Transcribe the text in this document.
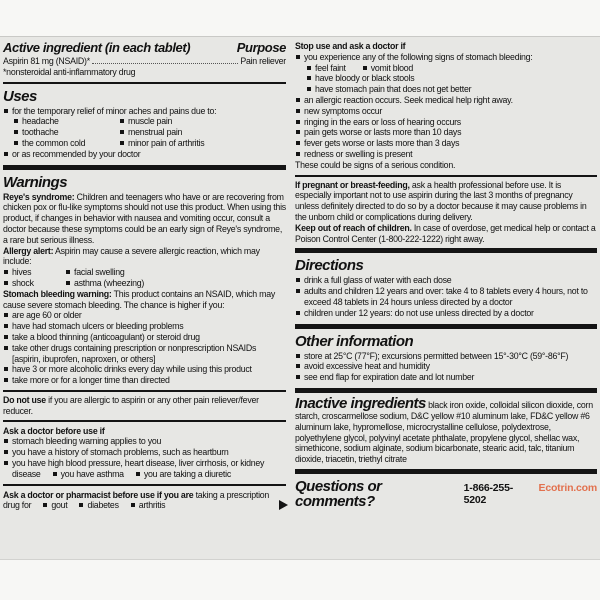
Active ingredient (in each tablet)	Purpose
Aspirin 81 mg (NSAID)*	Pain reliever
*nonsteroidal anti-inflammatory drug
Uses
for the temporary relief of minor aches and pains due to:
headache	muscle pain
toothache	menstrual pain
the common cold	minor pain of arthritis
or as recommended by your doctor
Warnings

Reye's syndrome: Children and teenagers who have or are recovering from chicken pox or flu-like symptoms should not use this product. When using this product, if changes in behavior with nausea and vomiting occur, consult a doctor because these symptoms could be an early sign of Reye's syndrome, a rare but serious illness.

Allergy alert: Aspirin may cause a severe allergic reaction, which may include:

hives	facial swelling
shock	asthma (wheezing)

Stomach bleeding warning: This product contains an NSAID, which may cause severe stomach bleeding. The chance is higher if you:

are age 60 or older
have had stomach ulcers or bleeding problems
take a blood thinning (anticoagulant) or steroid drug
take other drugs containing prescription or nonprescription NSAIDs [aspirin, ibuprofen, naproxen, or others]
have 3 or more alcoholic drinks every day while using this product
take more or for a longer time than directed

Do not use if you are allergic to aspirin or any other pain reliever/fever reducer.

Ask a doctor before use if
stomach bleeding warning applies to you
you have a history of stomach problems, such as heartburn
you have high blood pressure, heart disease, liver cirrhosis, or kidney disease you have asthma you are taking a diuretic

Ask a doctor or pharmacist before use if you are taking a prescription drug for gout diabetes arthritis

Stop use and ask a doctor if
you experience any of the following signs of stomach bleeding:
feel faint	vomit blood
have bloody or black stools
have stomach pain that does not get better
an allergic reaction occurs. Seek medical help right away.
new symptoms occur
ringing in the ears or loss of hearing occurs
pain gets worse or lasts more than 10 days
fever gets worse or lasts more than 3 days
redness or swelling is present
These could be signs of a serious condition.

If pregnant or breast-feeding, ask a health professional before use. It is especially important not to use aspirin during the last 3 months of pregnancy unless definitely directed to do so by a doctor because it may cause problems in the unborn child or complications during delivery.

Keep out of reach of children. In case of overdose, get medical help or contact a Poison Control Center (1-800-222-1222) right away.

Directions
drink a full glass of water with each dose
adults and children 12 years and over: take 4 to 8 tablets every 4 hours, not to exceed 48 tablets in 24 hours unless directed by a doctor
children under 12 years: do not use unless directed by a doctor
Other information
store at 25°C (77°F); excursions permitted between 15°-30°C (59°-86°F)
avoid excessive heat and humidity
see end flap for expiration date and lot number

Inactive ingredients black iron oxide, colloidal silicon dioxide, corn starch, croscarmellose sodium, D&C yellow #10 aluminum lake, FD&C yellow #6 aluminum lake, hypromellose, microcrystalline cellulose, polydextrose, polyethylene glycol, polyvinyl acetate phthalate, propylene glycol, shellac wax, simethicone, sodium alginate, sodium bicarbonate, stearic acid, talc, titanium dioxide, triacetin, triethyl citrate

Questions or comments?
1-866-255-5202
Ecotrin.com
